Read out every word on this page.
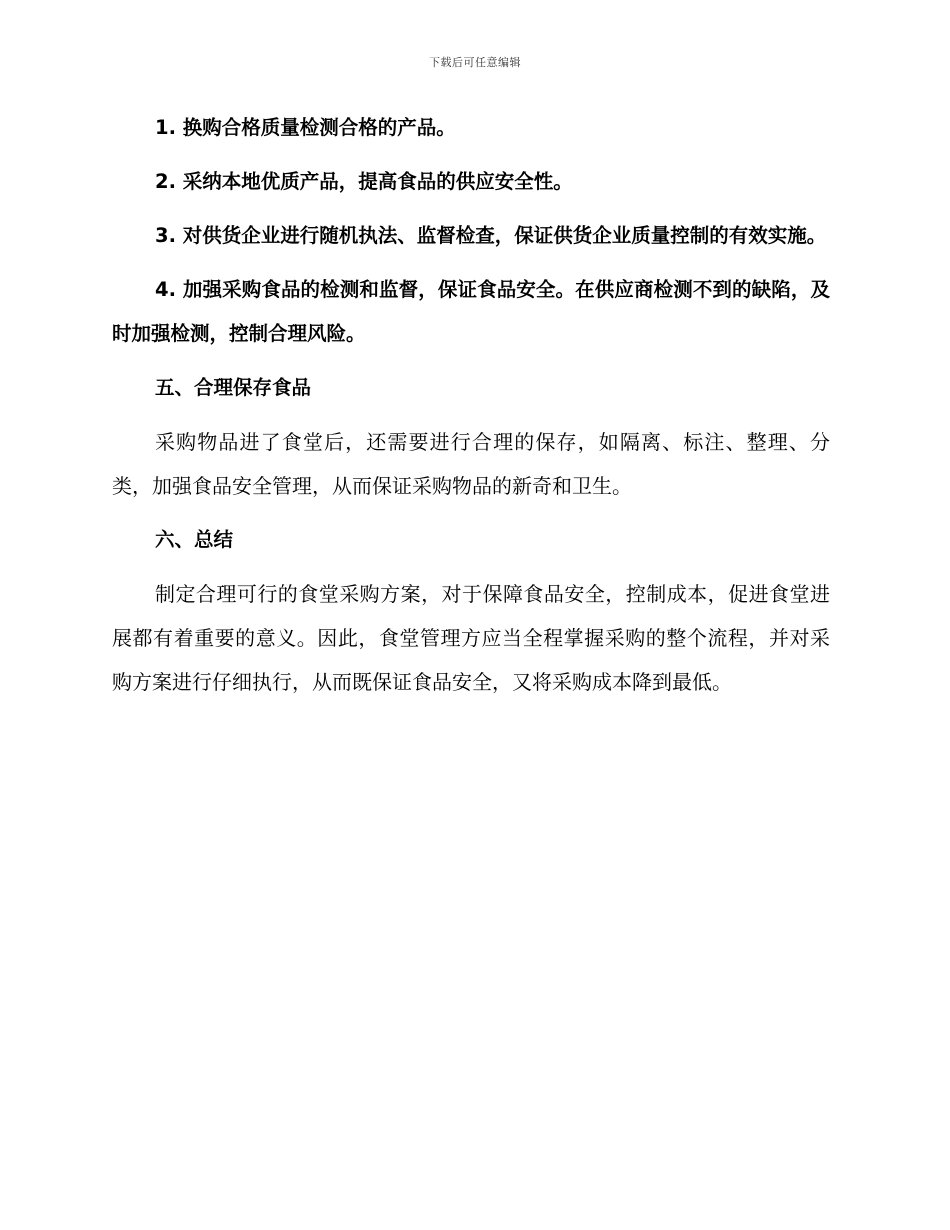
下载后可任意编辑

1. 换购合格质量检测合格的产品。

2. 采纳本地优质产品，提高食品的供应安全性。

3. 对供货企业进行随机执法、监督检查，保证供货企业质量控制的有效实施。

4. 加强采购食品的检测和监督，保证食品安全。在供应商检测不到的缺陷，及时加强检测，控制合理风险。

五、合理保存食品

采购物品进了食堂后，还需要进行合理的保存，如隔离、标注、整理、分类，加强食品安全管理，从而保证采购物品的新奇和卫生。

六、总结

制定合理可行的食堂采购方案，对于保障食品安全，控制成本，促进食堂进展都有着重要的意义。因此，食堂管理方应当全程掌握采购的整个流程，并对采购方案进行仔细执行，从而既保证食品安全，又将采购成本降到最低。
